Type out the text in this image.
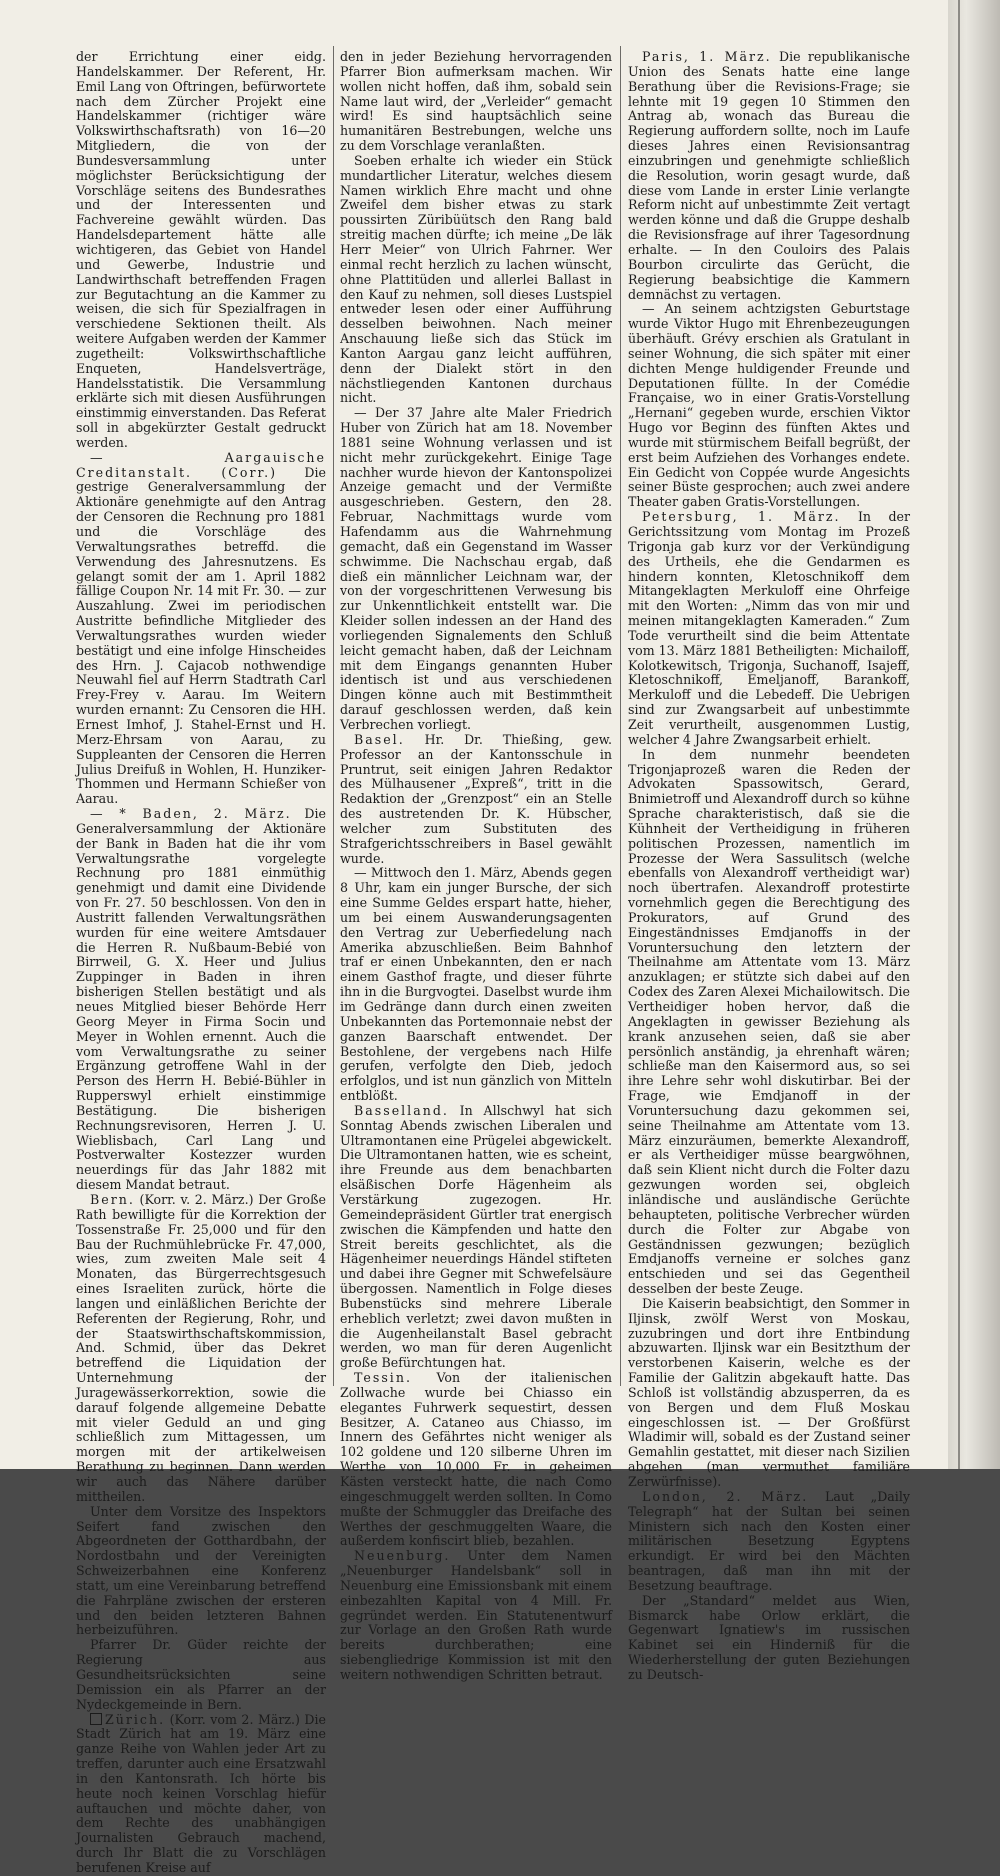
der Errichtung einer eidg. Handelskammer. Der Referent, Hr. Emil Lang von Oftringen, befürwortete nach dem Zürcher Projekt eine Handelskammer (richtiger wäre Volkswirthschaftsrath) von 16—20 Mitgliedern, die von der Bundesversammlung unter möglichster Berücksichtigung der Vorschläge seitens des Bundesrathes und der Interessenten und Fachvereine gewählt würden. Das Handelsdepartement hätte alle wichtigeren, das Gebiet von Handel und Gewerbe, Industrie und Landwirthschaft betreffenden Fragen zur Begutachtung an die Kammer zu weisen, die sich für Spezialfragen in verschiedene Sektionen theilt. Als weitere Aufgaben werden der Kammer zugetheilt: Volkswirthschaftliche Enqueten, Handelsverträge, Handelsstatistik. Die Versammlung erklärte sich mit diesen Ausführungen einstimmig einverstanden. Das Referat soll in abgekürzter Gestalt gedruckt werden.

— Aargauische Creditanstalt. (Corr.) Die gestrige Generalversammlung der Aktionäre genehmigte auf den Antrag der Censoren die Rechnung pro 1881 und die Vorschläge des Verwaltungsrathes betreffd. die Verwendung des Jahresnutzens. Es gelangt somit der am 1. April 1882 fällige Coupon Nr. 14 mit Fr. 30. — zur Auszahlung. Zwei im periodischen Austritte befindliche Mitglieder des Verwaltungsrathes wurden wieder bestätigt und eine infolge Hinscheides des Hrn. J. Cajacob nothwendige Neuwahl fiel auf Herrn Stadtrath Carl Frey-Frey v. Aarau. Im Weitern wurden ernannt: Zu Censoren die HH. Ernest Imhof, J. Stahel-Ernst und H. Merz-Ehrsam von Aarau, zu Suppleanten der Censoren die Herren Julius Dreifuß in Wohlen, H. Hunziker-Thommen und Hermann Schießer von Aarau.

— * Baden, 2. März. Die Generalversammlung der Aktionäre der Bank in Baden hat die ihr vom Verwaltungsrathe vorgelegte Rechnung pro 1881 einmüthig genehmigt und damit eine Dividende von Fr. 27. 50 beschlossen. Von den in Austritt fallenden Verwaltungsräthen wurden für eine weitere Amtsdauer die Herren R. Nußbaum-Bebié von Birrweil, G. X. Heer und Julius Zuppinger in Baden in ihren bisherigen Stellen bestätigt und als neues Mitglied bieser Behörde Herr Georg Meyer in Firma Socin und Meyer in Wohlen ernennt. Auch die vom Verwaltungsrathe zu seiner Ergänzung getroffene Wahl in der Person des Herrn H. Bebié-Bühler in Rupperswyl erhielt einstimmige Bestätigung. Die bisherigen Rechnungsrevisoren, Herren J. U. Wieblisbach, Carl Lang und Postverwalter Kostezzer wurden neuerdings für das Jahr 1882 mit diesem Mandat betraut.

Bern. (Korr. v. 2. März.) Der Große Rath bewilligte für die Korrektion der Tossenstraße Fr. 25,000 und für den Bau der Ruchmühlebrücke Fr. 47,000, wies, zum zweiten Male seit 4 Monaten, das Bürgerrechtsgesuch eines Israeliten zurück, hörte die langen und einläßlichen Berichte der Referenten der Regierung, Rohr, und der Staatswirthschaftskommission, And. Schmid, über das Dekret betreffend die Liquidation der Unternehmung der Juragewässerkorrektion, sowie die darauf folgende allgemeine Debatte mit vieler Geduld an und ging schließlich zum Mittagessen, um morgen mit der artikelweisen Berathung zu beginnen. Dann werden wir auch das Nähere darüber mittheilen.

Unter dem Vorsitze des Inspektors Seifert fand zwischen den Abgeordneten der Gotthardbahn, der Nordostbahn und der Vereinigten Schweizerbahnen eine Konferenz statt, um eine Vereinbarung betreffend die Fahrpläne zwischen der ersteren und den beiden letzteren Bahnen herbeizuführen.

Pfarrer Dr. Güder reichte der Regierung aus Gesundheitsrücksichten seine Demission ein als Pfarrer an der Nydeckgemeinde in Bern.

Zürich. (Korr. vom 2. März.) Die Stadt Zürich hat am 19. März eine ganze Reihe von Wahlen jeder Art zu treffen, darunter auch eine Ersatzwahl in den Kantonsrath. Ich hörte bis heute noch keinen Vorschlag hiefür auftauchen und möchte daher, von dem Rechte des unabhängigen Journalisten Gebrauch machend, durch Ihr Blatt die zu Vorschlägen berufenen Kreise auf

den in jeder Beziehung hervorragenden Pfarrer Bion aufmerksam machen. Wir wollen nicht hoffen, daß ihm, sobald sein Name laut wird, der „Verleider“ gemacht wird! Es sind hauptsächlich seine humanitären Bestrebungen, welche uns zu dem Vorschlage veranlaßten.

Soeben erhalte ich wieder ein Stück mundartlicher Literatur, welches diesem Namen wirklich Ehre macht und ohne Zweifel dem bisher etwas zu stark poussirten Züribüütsch den Rang bald streitig machen dürfte; ich meine „De läk Herr Meier“ von Ulrich Fahrner. Wer einmal recht herzlich zu lachen wünscht, ohne Plattitüden und allerlei Ballast in den Kauf zu nehmen, soll dieses Lustspiel entweder lesen oder einer Aufführung desselben beiwohnen. Nach meiner Anschauung ließe sich das Stück im Kanton Aargau ganz leicht aufführen, denn der Dialekt stört in den nächstliegenden Kantonen durchaus nicht.

— Der 37 Jahre alte Maler Friedrich Huber von Zürich hat am 18. November 1881 seine Wohnung verlassen und ist nicht mehr zurückgekehrt. Einige Tage nachher wurde hievon der Kantonspolizei Anzeige gemacht und der Vermißte ausgeschrieben. Gestern, den 28. Februar, Nachmittags wurde vom Hafendamm aus die Wahrnehmung gemacht, daß ein Gegenstand im Wasser schwimme. Die Nachschau ergab, daß dieß ein männlicher Leichnam war, der von der vorgeschrittenen Verwesung bis zur Unkenntlichkeit entstellt war. Die Kleider sollen indessen an der Hand des vorliegenden Signalements den Schluß leicht gemacht haben, daß der Leichnam mit dem Eingangs genannten Huber identisch ist und aus verschiedenen Dingen könne auch mit Bestimmtheit darauf geschlossen werden, daß kein Verbrechen vorliegt.

Basel. Hr. Dr. Thießing, gew. Professor an der Kantonsschule in Pruntrut, seit einigen Jahren Redaktor des Mülhausener „Expreß“, tritt in die Redaktion der „Grenzpost“ ein an Stelle des austretenden Dr. K. Hübscher, welcher zum Substituten des Strafgerichtsschreibers in Basel gewählt wurde.

— Mittwoch den 1. März, Abends gegen 8 Uhr, kam ein junger Bursche, der sich eine Summe Geldes erspart hatte, hieher, um bei einem Auswanderungsagenten den Vertrag zur Ueberfiedelung nach Amerika abzuschließen. Beim Bahnhof traf er einen Unbekannten, den er nach einem Gasthof fragte, und dieser führte ihn in die Burgvogtei. Daselbst wurde ihm im Gedränge dann durch einen zweiten Unbekannten das Portemonnaie nebst der ganzen Baarschaft entwendet. Der Bestohlene, der vergebens nach Hilfe gerufen, verfolgte den Dieb, jedoch erfolglos, und ist nun gänzlich von Mitteln entblößt.

Basselland. In Allschwyl hat sich Sonntag Abends zwischen Liberalen und Ultramontanen eine Prügelei abgewickelt. Die Ultramontanen hatten, wie es scheint, ihre Freunde aus dem benachbarten elsäßischen Dorfe Hägenheim als Verstärkung zugezogen. Hr. Gemeindepräsident Gürtler trat energisch zwischen die Kämpfenden und hatte den Streit bereits geschlichtet, als die Hägenheimer neuerdings Händel stifteten und dabei ihre Gegner mit Schwefelsäure übergossen. Namentlich in Folge dieses Bubenstücks sind mehrere Liberale erheblich verletzt; zwei davon mußten in die Augenheilanstalt Basel gebracht werden, wo man für deren Augenlicht große Befürchtungen hat.

Tessin. Von der italienischen Zollwache wurde bei Chiasso ein elegantes Fuhrwerk sequestirt, dessen Besitzer, A. Cataneo aus Chiasso, im Innern des Gefährtes nicht weniger als 102 goldene und 120 silberne Uhren im Werthe von 10,000 Fr. in geheimen Kästen versteckt hatte, die nach Como eingeschmuggelt werden sollten. In Como mußte der Schmuggler das Dreifache des Werthes der geschmuggelten Waare, die außerdem konfiscirt blieb, bezahlen.

Neuenburg. Unter dem Namen „Neuenburger Handelsbank“ soll in Neuenburg eine Emissionsbank mit einem einbezahlten Kapital von 4 Mill. Fr. gegründet werden. Ein Statutenentwurf zur Vorlage an den Großen Rath wurde bereits durchberathen; eine siebengliedrige Kommission ist mit den weitern nothwendigen Schritten betraut.

Paris, 1. März. Die republikanische Union des Senats hatte eine lange Berathung über die Revisions-Frage; sie lehnte mit 19 gegen 10 Stimmen den Antrag ab, wonach das Bureau die Regierung auffordern sollte, noch im Laufe dieses Jahres einen Revisionsantrag einzubringen und genehmigte schließlich die Resolution, worin gesagt wurde, daß diese vom Lande in erster Linie verlangte Reform nicht auf unbestimmte Zeit vertagt werden könne und daß die Gruppe deshalb die Revisionsfrage auf ihrer Tagesordnung erhalte. — In den Couloirs des Palais Bourbon circulirte das Gerücht, die Regierung beabsichtige die Kammern demnächst zu vertagen.

— An seinem achtzigsten Geburtstage wurde Viktor Hugo mit Ehrenbezeugungen überhäuft. Grévy erschien als Gratulant in seiner Wohnung, die sich später mit einer dichten Menge huldigender Freunde und Deputationen füllte. In der Comédie Française, wo in einer Gratis-Vorstellung „Hernani“ gegeben wurde, erschien Viktor Hugo vor Beginn des fünften Aktes und wurde mit stürmischem Beifall begrüßt, der erst beim Aufziehen des Vorhanges endete. Ein Gedicht von Coppée wurde Angesichts seiner Büste gesprochen; auch zwei andere Theater gaben Gratis-Vorstellungen.

Petersburg, 1. März. In der Gerichtssitzung vom Montag im Prozeß Trigonja gab kurz vor der Verkündigung des Urtheils, ehe die Gendarmen es hindern konnten, Kletoschnikoff dem Mitangeklagten Merkuloff eine Ohrfeige mit den Worten: „Nimm das von mir und meinen mitangeklagten Kameraden.“ Zum Tode verurtheilt sind die beim Attentate vom 13. März 1881 Betheiligten: Michailoff, Kolotkewitsch, Trigonja, Suchanoff, Isajeff, Kletoschnikoff, Emeljanoff, Barankoff, Merkuloff und die Lebedeff. Die Uebrigen sind zur Zwangsarbeit auf unbestimmte Zeit verurtheilt, ausgenommen Lustig, welcher 4 Jahre Zwangsarbeit erhielt.

In dem nunmehr beendeten Trigonjaprozeß waren die Reden der Advokaten Spassowitsch, Gerard, Bnimietroff und Alexandroff durch so kühne Sprache charakteristisch, daß sie die Kühnheit der Vertheidigung in früheren politischen Prozessen, namentlich im Prozesse der Wera Sassulitsch (welche ebenfalls von Alexandroff vertheidigt war) noch übertrafen. Alexandroff protestirte vornehmlich gegen die Berechtigung des Prokurators, auf Grund des Eingeständnisses Emdjanoffs in der Voruntersuchung den letztern der Theilnahme am Attentate vom 13. März anzuklagen; er stützte sich dabei auf den Codex des Zaren Alexei Michailowitsch. Die Vertheidiger hoben hervor, daß die Angeklagten in gewisser Beziehung als krank anzusehen seien, daß sie aber persönlich anständig, ja ehrenhaft wären; schließe man den Kaisermord aus, so sei ihre Lehre sehr wohl diskutirbar. Bei der Frage, wie Emdjanoff in der Voruntersuchung dazu gekommen sei, seine Theilnahme am Attentate vom 13. März einzuräumen, bemerkte Alexandroff, er als Vertheidiger müsse beargwöhnen, daß sein Klient nicht durch die Folter dazu gezwungen worden sei, obgleich inländische und ausländische Gerüchte behaupteten, politische Verbrecher würden durch die Folter zur Abgabe von Geständnissen gezwungen; bezüglich Emdjanoffs verneine er solches ganz entschieden und sei das Gegentheil desselben der beste Zeuge.

Die Kaiserin beabsichtigt, den Sommer in Iljinsk, zwölf Werst von Moskau, zuzubringen und dort ihre Entbindung abzuwarten. Iljinsk war ein Besitzthum der verstorbenen Kaiserin, welche es der Familie der Galitzin abgekauft hatte. Das Schloß ist vollständig abzusperren, da es von Bergen und dem Fluß Moskau eingeschlossen ist. — Der Großfürst Wladimir will, sobald es der Zustand seiner Gemahlin gestattet, mit dieser nach Sizilien abgehen (man vermuthet familiäre Zerwürfnisse).

London, 2. März. Laut „Daily Telegraph“ hat der Sultan bei seinen Ministern sich nach den Kosten einer militärischen Besetzung Egyptens erkundigt. Er wird bei den Mächten beantragen, daß man ihn mit der Besetzung beauftrage.

Der „Standard“ meldet aus Wien, Bismarck habe Orlow erklärt, die Gegenwart Ignatiew's im russischen Kabinet sei ein Hinderniß für die Wiederherstellung der guten Beziehungen zu Deutsch-
